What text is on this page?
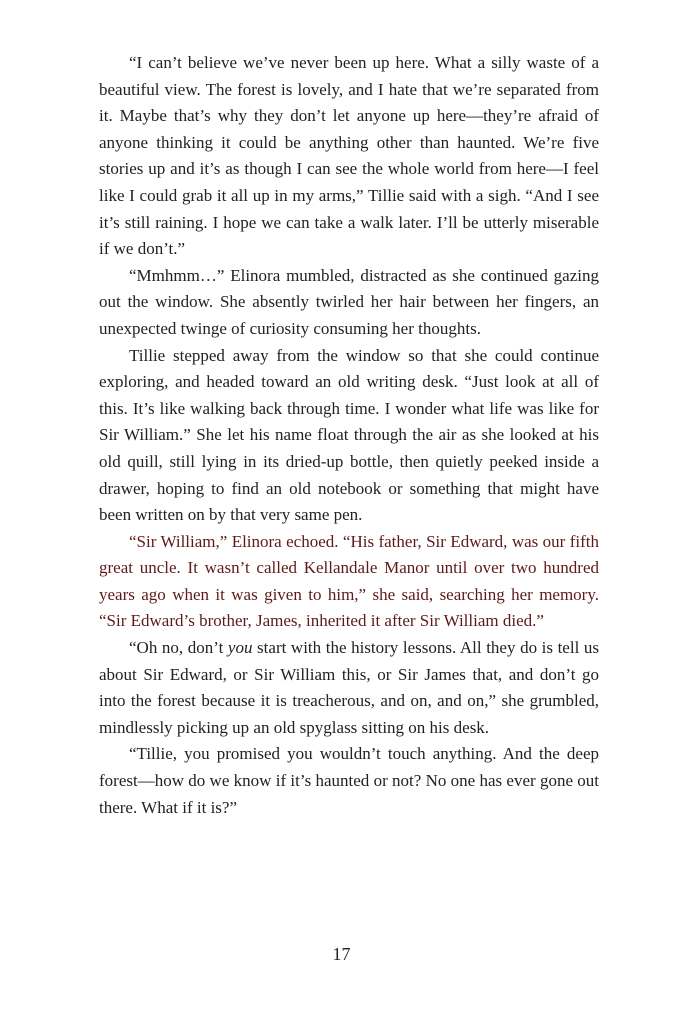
“I can’t believe we’ve never been up here. What a silly waste of a beautiful view. The forest is lovely, and I hate that we’re separated from it. Maybe that’s why they don’t let anyone up here—they’re afraid of anyone thinking it could be anything other than haunted. We’re five stories up and it’s as though I can see the whole world from here—I feel like I could grab it all up in my arms,” Tillie said with a sigh. “And I see it’s still raining. I hope we can take a walk later. I’ll be utterly miserable if we don’t.”

“Mmhmm…” Elinora mumbled, distracted as she continued gazing out the window. She absently twirled her hair between her fingers, an unexpected twinge of curiosity consuming her thoughts.

Tillie stepped away from the window so that she could continue exploring, and headed toward an old writing desk. “Just look at all of this. It’s like walking back through time. I wonder what life was like for Sir William.” She let his name float through the air as she looked at his old quill, still lying in its dried-up bottle, then quietly peeked inside a drawer, hoping to find an old notebook or something that might have been written on by that very same pen.

“Sir William,” Elinora echoed. “His father, Sir Edward, was our fifth great uncle. It wasn’t called Kellandale Manor until over two hundred years ago when it was given to him,” she said, searching her memory. “Sir Edward’s brother, James, inherited it after Sir William died.”

“Oh no, don’t you start with the history lessons. All they do is tell us about Sir Edward, or Sir William this, or Sir James that, and don’t go into the forest because it is treacherous, and on, and on,” she grumbled, mindlessly picking up an old spyglass sitting on his desk.

“Tillie, you promised you wouldn’t touch anything. And the deep forest—how do we know if it’s haunted or not? No one has ever gone out there. What if it is?”

17
